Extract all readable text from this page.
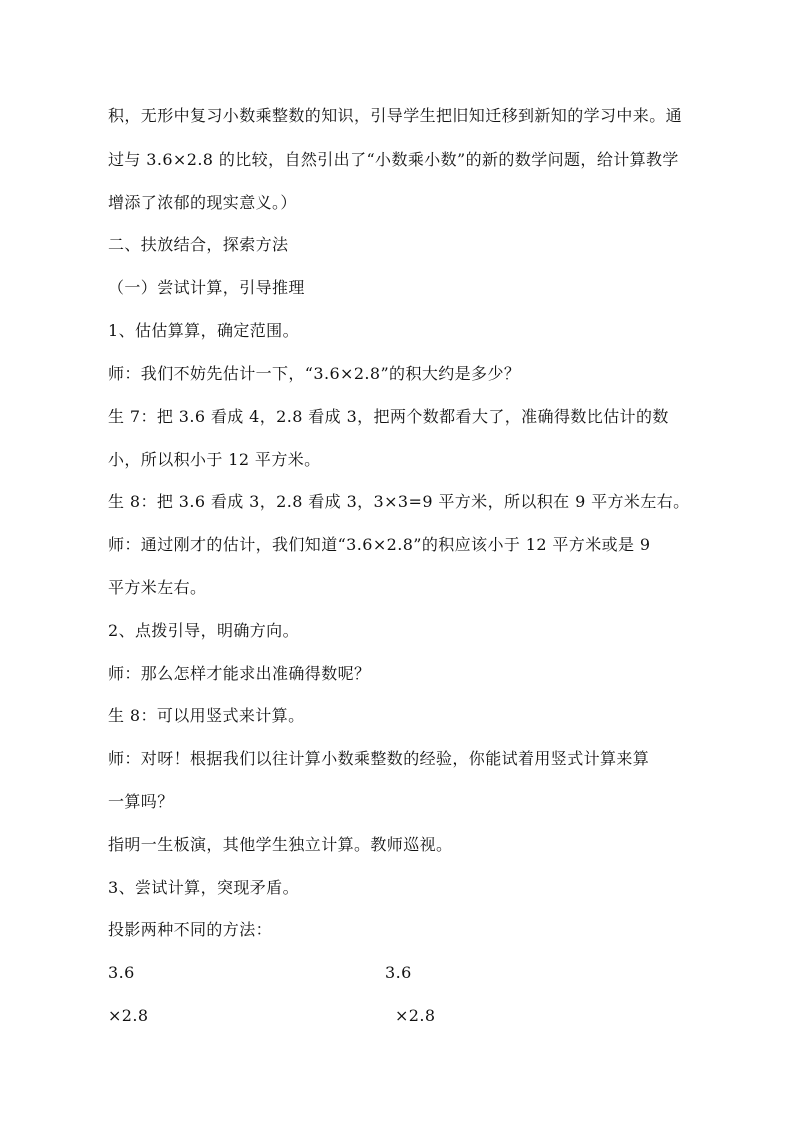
积，无形中复习小数乘整数的知识，引导学生把旧知迁移到新知的学习中来。通
过与 3.6×2.8 的比较，自然引出了“小数乘小数”的新的数学问题，给计算教学
增添了浓郁的现实意义。）
二、扶放结合，探索方法
（一）尝试计算，引导推理
1、估估算算，确定范围。
师：我们不妨先估计一下，“3.6×2.8”的积大约是多少？
生 7：把 3.6 看成 4，2.8 看成 3，把两个数都看大了，准确得数比估计的数
小，所以积小于 12 平方米。
生 8：把 3.6 看成 3，2.8 看成 3，3×3=9 平方米，所以积在 9 平方米左右。
师：通过刚才的估计，我们知道“3.6×2.8”的积应该小于 12 平方米或是 9
平方米左右。
2、点拨引导，明确方向。
师：那么怎样才能求出准确得数呢？
生 8：可以用竖式来计算。
师：对呀！根据我们以往计算小数乘整数的经验，你能试着用竖式计算来算
一算吗？
指明一生板演，其他学生独立计算。教师巡视。
3、尝试计算，突现矛盾。
投影两种不同的方法：
3.6
×2.8
3.6
×2.8
